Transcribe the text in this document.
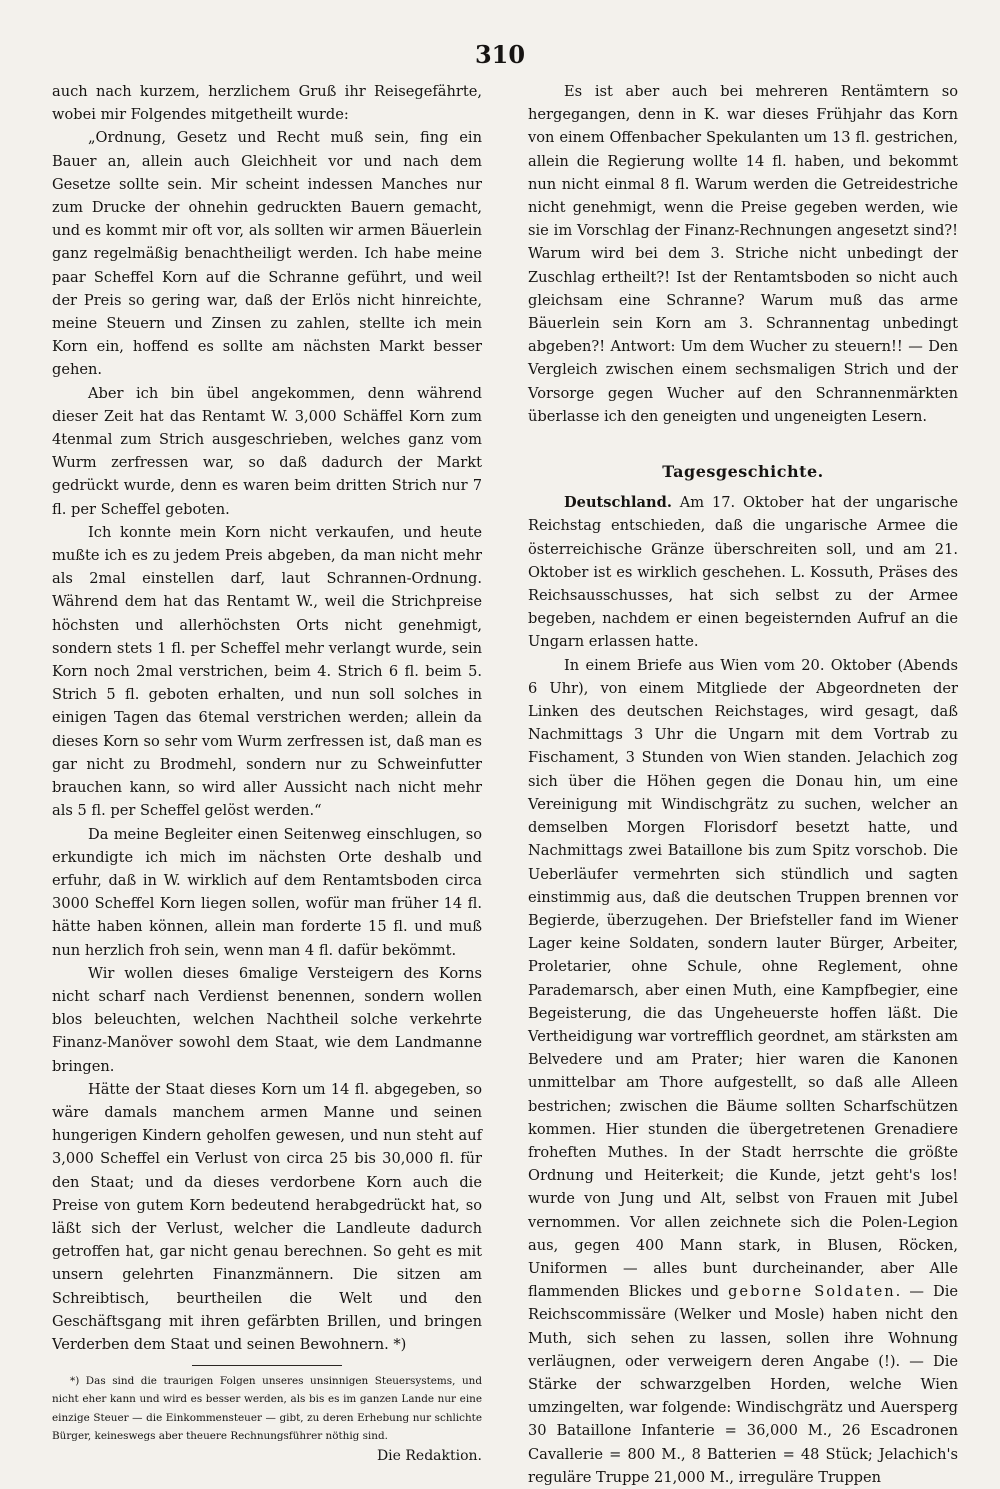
310

auch nach kurzem, herzlichem Gruß ihr Reisegefährte, wobei mir Folgendes mitgetheilt wurde:

„Ordnung, Gesetz und Recht muß sein, fing ein Bauer an, allein auch Gleichheit vor und nach dem Gesetze sollte sein. Mir scheint indessen Manches nur zum Drucke der ohnehin gedruckten Bauern gemacht, und es kommt mir oft vor, als sollten wir armen Bäuerlein ganz regelmäßig benachtheiligt werden. Ich habe meine paar Scheffel Korn auf die Schranne geführt, und weil der Preis so gering war, daß der Erlös nicht hinreichte, meine Steuern und Zinsen zu zahlen, stellte ich mein Korn ein, hoffend es sollte am nächsten Markt besser gehen.

Aber ich bin übel angekommen, denn während dieser Zeit hat das Rentamt W. 3,000 Schäffel Korn zum 4tenmal zum Strich ausgeschrieben, welches ganz vom Wurm zerfressen war, so daß dadurch der Markt gedrückt wurde, denn es waren beim dritten Strich nur 7 fl. per Scheffel geboten.

Ich konnte mein Korn nicht verkaufen, und heute mußte ich es zu jedem Preis abgeben, da man nicht mehr als 2mal einstellen darf, laut Schrannen-Ordnung. Während dem hat das Rentamt W., weil die Strichpreise höchsten und allerhöchsten Orts nicht genehmigt, sondern stets 1 fl. per Scheffel mehr verlangt wurde, sein Korn noch 2mal verstrichen, beim 4. Strich 6 fl. beim 5. Strich 5 fl. geboten erhalten, und nun soll solches in einigen Tagen das 6temal verstrichen werden; allein da dieses Korn so sehr vom Wurm zerfressen ist, daß man es gar nicht zu Brodmehl, sondern nur zu Schweinfutter brauchen kann, so wird aller Aussicht nach nicht mehr als 5 fl. per Scheffel gelöst werden.“

Da meine Begleiter einen Seitenweg einschlugen, so erkundigte ich mich im nächsten Orte deshalb und erfuhr, daß in W. wirklich auf dem Rentamtsboden circa 3000 Scheffel Korn liegen sollen, wofür man früher 14 fl. hätte haben können, allein man forderte 15 fl. und muß nun herzlich froh sein, wenn man 4 fl. dafür bekömmt.

Wir wollen dieses 6malige Versteigern des Korns nicht scharf nach Verdienst benennen, sondern wollen blos beleuchten, welchen Nachtheil solche verkehrte Finanz-Manöver sowohl dem Staat, wie dem Landmanne bringen.

Hätte der Staat dieses Korn um 14 fl. abgegeben, so wäre damals manchem armen Manne und seinen hungerigen Kindern geholfen gewesen, und nun steht auf 3,000 Scheffel ein Verlust von circa 25 bis 30,000 fl. für den Staat; und da dieses verdorbene Korn auch die Preise von gutem Korn bedeutend herabgedrückt hat, so läßt sich der Verlust, welcher die Landleute dadurch getroffen hat, gar nicht genau berechnen. So geht es mit unsern gelehrten Finanzmännern. Die sitzen am Schreibtisch, beurtheilen die Welt und den Geschäftsgang mit ihren gefärbten Brillen, und bringen Verderben dem Staat und seinen Bewohnern. *)

*) Das sind die traurigen Folgen unseres unsinnigen Steuersystems, und nicht eher kann und wird es besser werden, als bis es im ganzen Lande nur eine einzige Steuer — die Einkommensteuer — gibt, zu deren Erhebung nur schlichte Bürger, keineswegs aber theuere Rechnungsführer nöthig sind.

Die Redaktion.

Es ist aber auch bei mehreren Rentämtern so hergegangen, denn in K. war dieses Frühjahr das Korn von einem Offenbacher Spekulanten um 13 fl. gestrichen, allein die Regierung wollte 14 fl. haben, und bekommt nun nicht einmal 8 fl. Warum werden die Getreidestriche nicht genehmigt, wenn die Preise gegeben werden, wie sie im Vorschlag der Finanz-Rechnungen angesetzt sind?! Warum wird bei dem 3. Striche nicht unbedingt der Zuschlag ertheilt?! Ist der Rentamtsboden so nicht auch gleichsam eine Schranne? Warum muß das arme Bäuerlein sein Korn am 3. Schrannentag unbedingt abgeben?! Antwort: Um dem Wucher zu steuern!! — Den Vergleich zwischen einem sechsmaligen Strich und der Vorsorge gegen Wucher auf den Schrannenmärkten überlasse ich den geneigten und ungeneigten Lesern.

Tagesgeschichte.

Deutschland. Am 17. Oktober hat der ungarische Reichstag entschieden, daß die ungarische Armee die österreichische Gränze überschreiten soll, und am 21. Oktober ist es wirklich geschehen. L. Kossuth, Präses des Reichsausschusses, hat sich selbst zu der Armee begeben, nachdem er einen begeisternden Aufruf an die Ungarn erlassen hatte.

In einem Briefe aus Wien vom 20. Oktober (Abends 6 Uhr), von einem Mitgliede der Abgeordneten der Linken des deutschen Reichstages, wird gesagt, daß Nachmittags 3 Uhr die Ungarn mit dem Vortrab zu Fischament, 3 Stunden von Wien standen. Jelachich zog sich über die Höhen gegen die Donau hin, um eine Vereinigung mit Windischgrätz zu suchen, welcher an demselben Morgen Florisdorf besetzt hatte, und Nachmittags zwei Bataillone bis zum Spitz vorschob. Die Ueberläufer vermehrten sich stündlich und sagten einstimmig aus, daß die deutschen Truppen brennen vor Begierde, überzugehen. Der Briefsteller fand im Wiener Lager keine Soldaten, sondern lauter Bürger, Arbeiter, Proletarier, ohne Schule, ohne Reglement, ohne Parademarsch, aber einen Muth, eine Kampfbegier, eine Begeisterung, die das Ungeheuerste hoffen läßt. Die Vertheidigung war vortrefflich geordnet, am stärksten am Belvedere und am Prater; hier waren die Kanonen unmittelbar am Thore aufgestellt, so daß alle Alleen bestrichen; zwischen die Bäume sollten Scharfschützen kommen. Hier stunden die übergetretenen Grenadiere froheften Muthes. In der Stadt herrschte die größte Ordnung und Heiterkeit; die Kunde, jetzt geht's los! wurde von Jung und Alt, selbst von Frauen mit Jubel vernommen. Vor allen zeichnete sich die Polen-Legion aus, gegen 400 Mann stark, in Blusen, Röcken, Uniformen — alles bunt durcheinander, aber Alle flammenden Blickes und geborne Soldaten. — Die Reichscommissäre (Welker und Mosle) haben nicht den Muth, sich sehen zu lassen, sollen ihre Wohnung verläugnen, oder verweigern deren Angabe (!). — Die Stärke der schwarzgelben Horden, welche Wien umzingelten, war folgende: Windischgrätz und Auersperg 30 Bataillone Infanterie = 36,000 M., 26 Escadronen Cavallerie = 800 M., 8 Batterien = 48 Stück; Jelachich's reguläre Truppe 21,000 M., irreguläre Truppen
